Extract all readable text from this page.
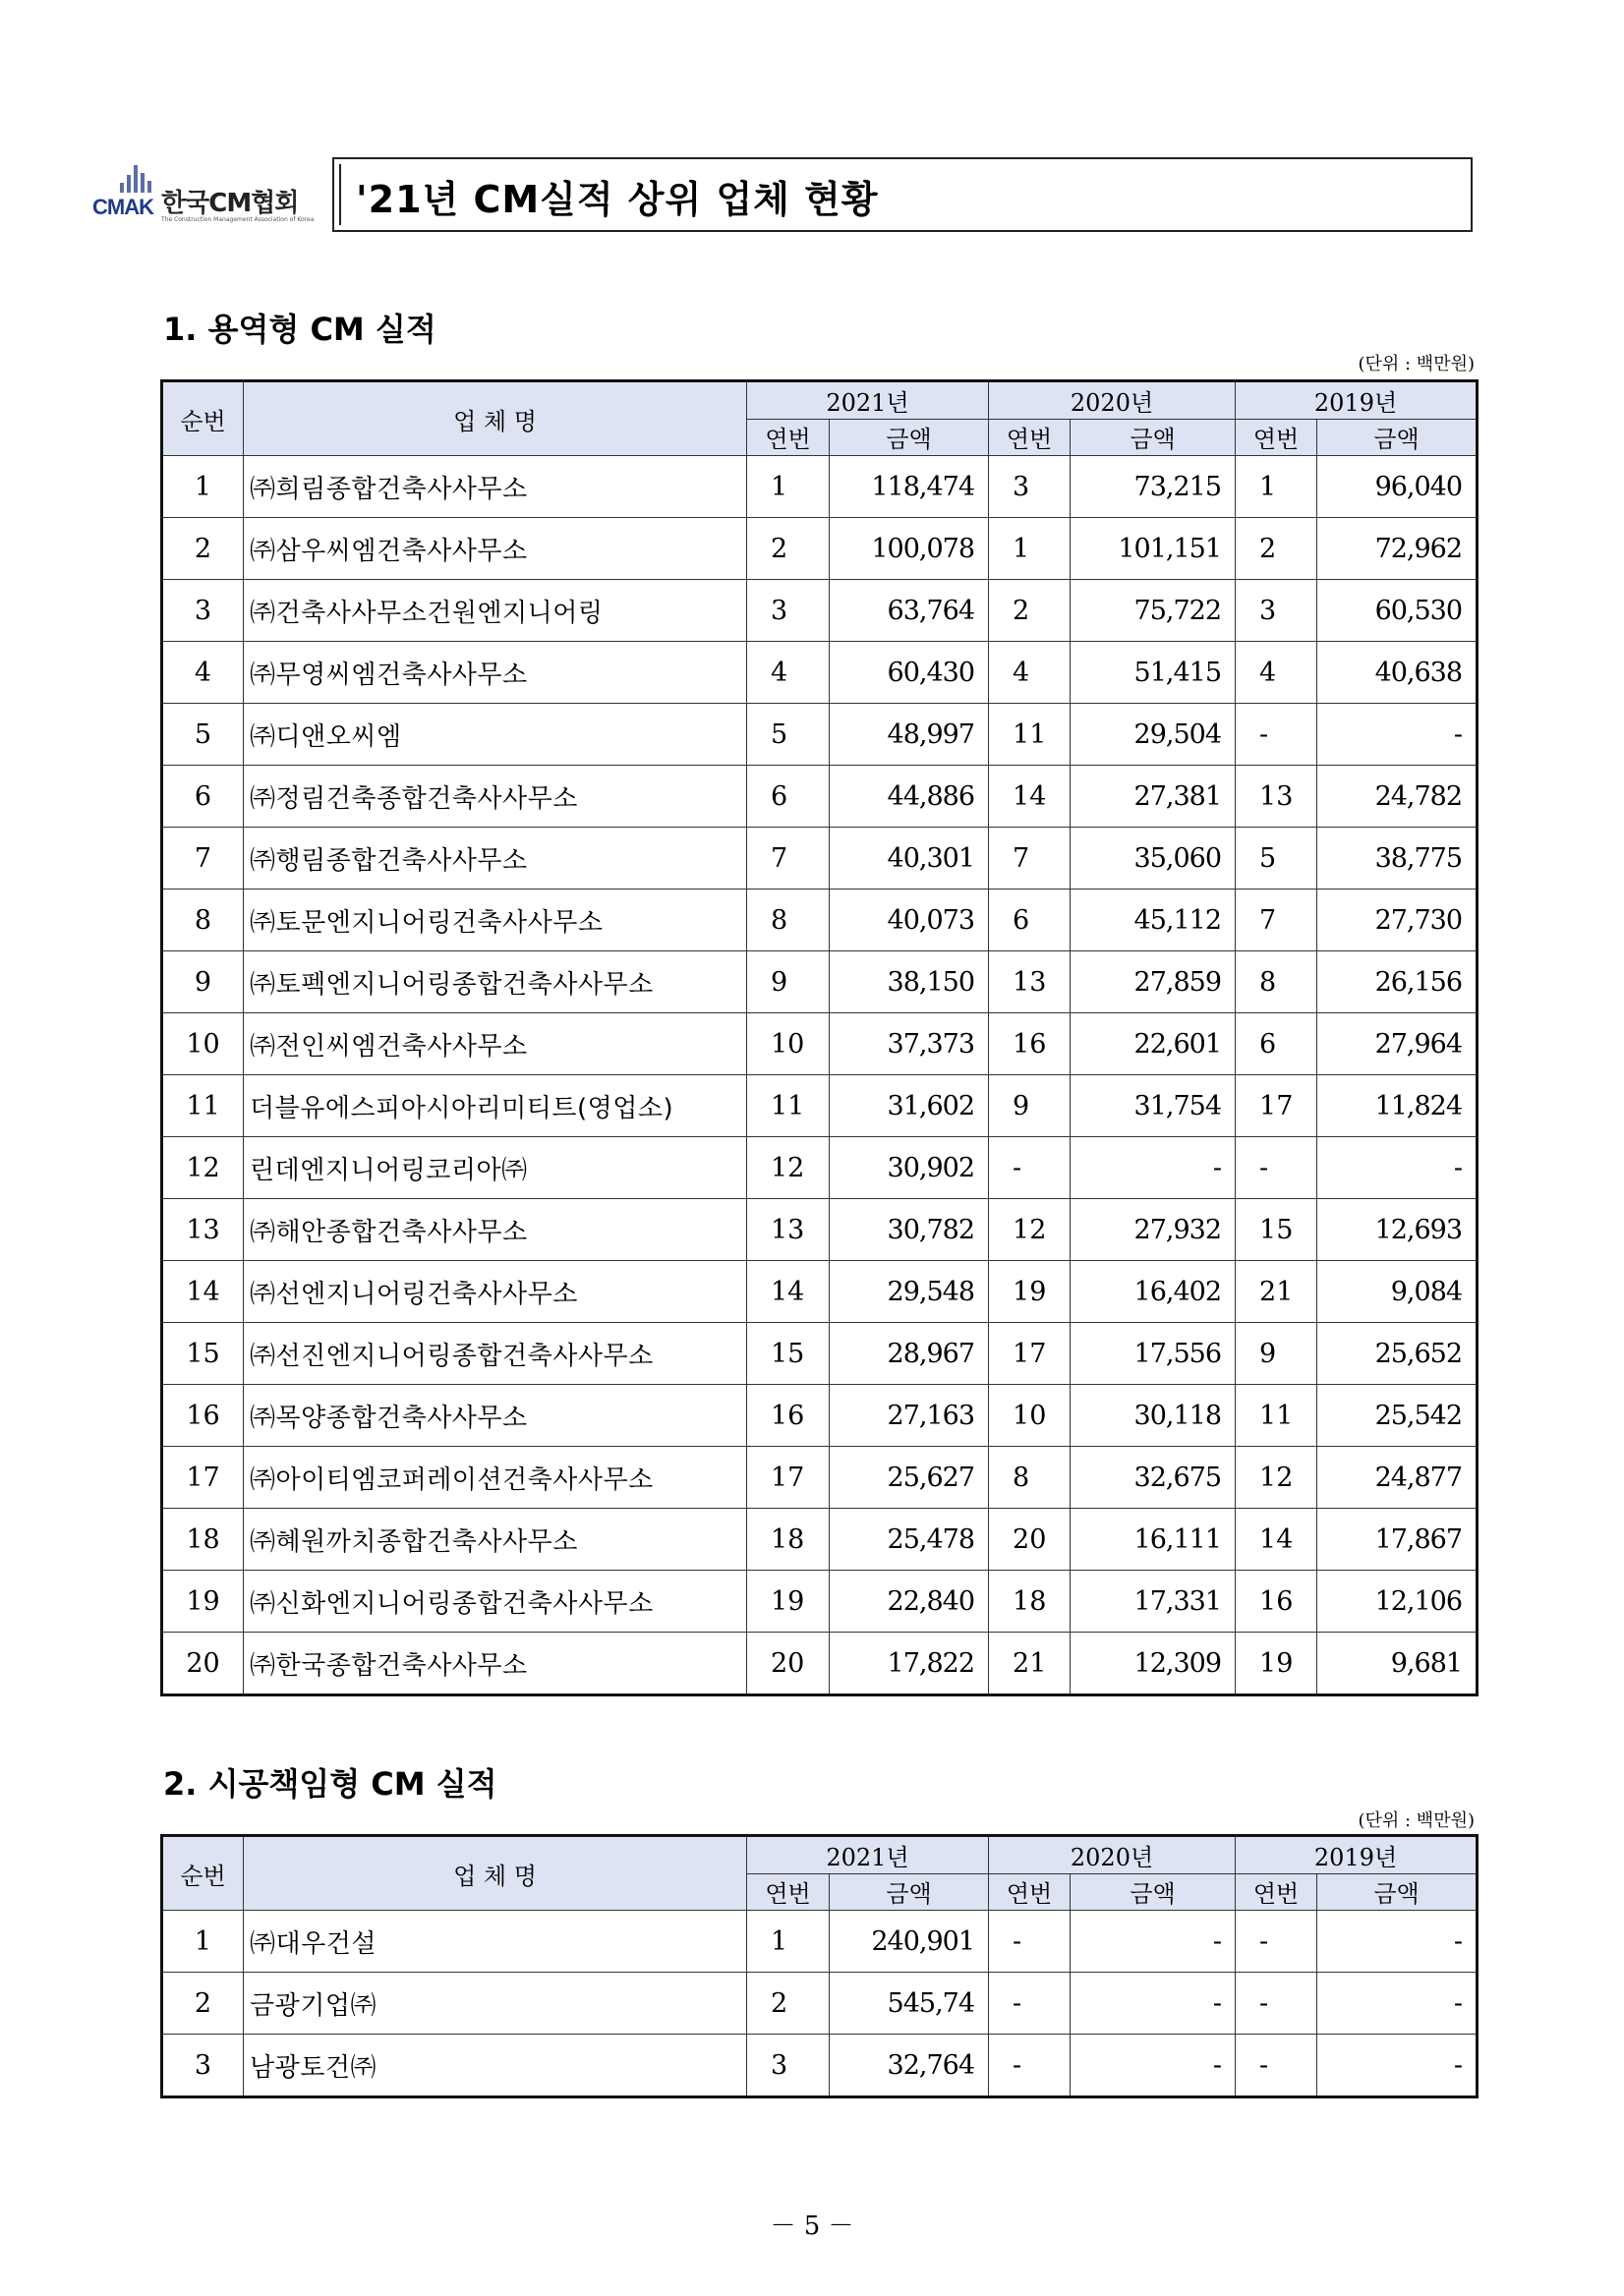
CMAK 한국CM협회
The Construction Management Association of Korea '21년 CM실적 상위 업체 현황
1. 용역형 CM 실적
(단위 : 백만원)
순번	업 체 명	2021년		2020년		2019년	
		연번	금액	연번	금액	연번	금액
1	㈜희림종합건축사사무소	1	118,474	3	73,215	1	96,040
2	㈜삼우씨엠건축사사무소	2	100,078	1	101,151	2	72,962
3	㈜건축사사무소건원엔지니어링	3	63,764	2	75,722	3	60,530
4	㈜무영씨엠건축사사무소	4	60,430	4	51,415	4	40,638
5	㈜디앤오씨엠	5	48,997	11	29,504	-	-
6	㈜정림건축종합건축사사무소	6	44,886	14	27,381	13	24,782
7	㈜행림종합건축사사무소	7	40,301	7	35,060	5	38,775
8	㈜토문엔지니어링건축사사무소	8	40,073	6	45,112	7	27,730
9	㈜토펙엔지니어링종합건축사사무소	9	38,150	13	27,859	8	26,156
10	㈜전인씨엠건축사사무소	10	37,373	16	22,601	6	27,964
11	더블유에스피아시아리미티트(영업소)	11	31,602	9	31,754	17	11,824
12	린데엔지니어링코리아㈜	12	30,902	-	-	-	-
13	㈜해안종합건축사사무소	13	30,782	12	27,932	15	12,693
14	㈜선엔지니어링건축사사무소	14	29,548	19	16,402	21	9,084
15	㈜선진엔지니어링종합건축사사무소	15	28,967	17	17,556	9	25,652
16	㈜목양종합건축사사무소	16	27,163	10	30,118	11	25,542
17	㈜아이티엠코퍼레이션건축사사무소	17	25,627	8	32,675	12	24,877
18	㈜혜원까치종합건축사사무소	18	25,478	20	16,111	14	17,867
19	㈜신화엔지니어링종합건축사사무소	19	22,840	18	17,331	16	12,106
20	㈜한국종합건축사사무소	20	17,822	21	12,309	19	9,681
2. 시공책임형 CM 실적
(단위 : 백만원)
순번	업 체 명	2021년		2020년		2019년	
		연번	금액	연번	금액	연번	금액
1	㈜대우건설	1	240,901	-	-	-	-
2	금광기업㈜	2	545,74	-	-	-	-
3	남광토건㈜	3	32,764	-	-	-	-
－ 5 －
